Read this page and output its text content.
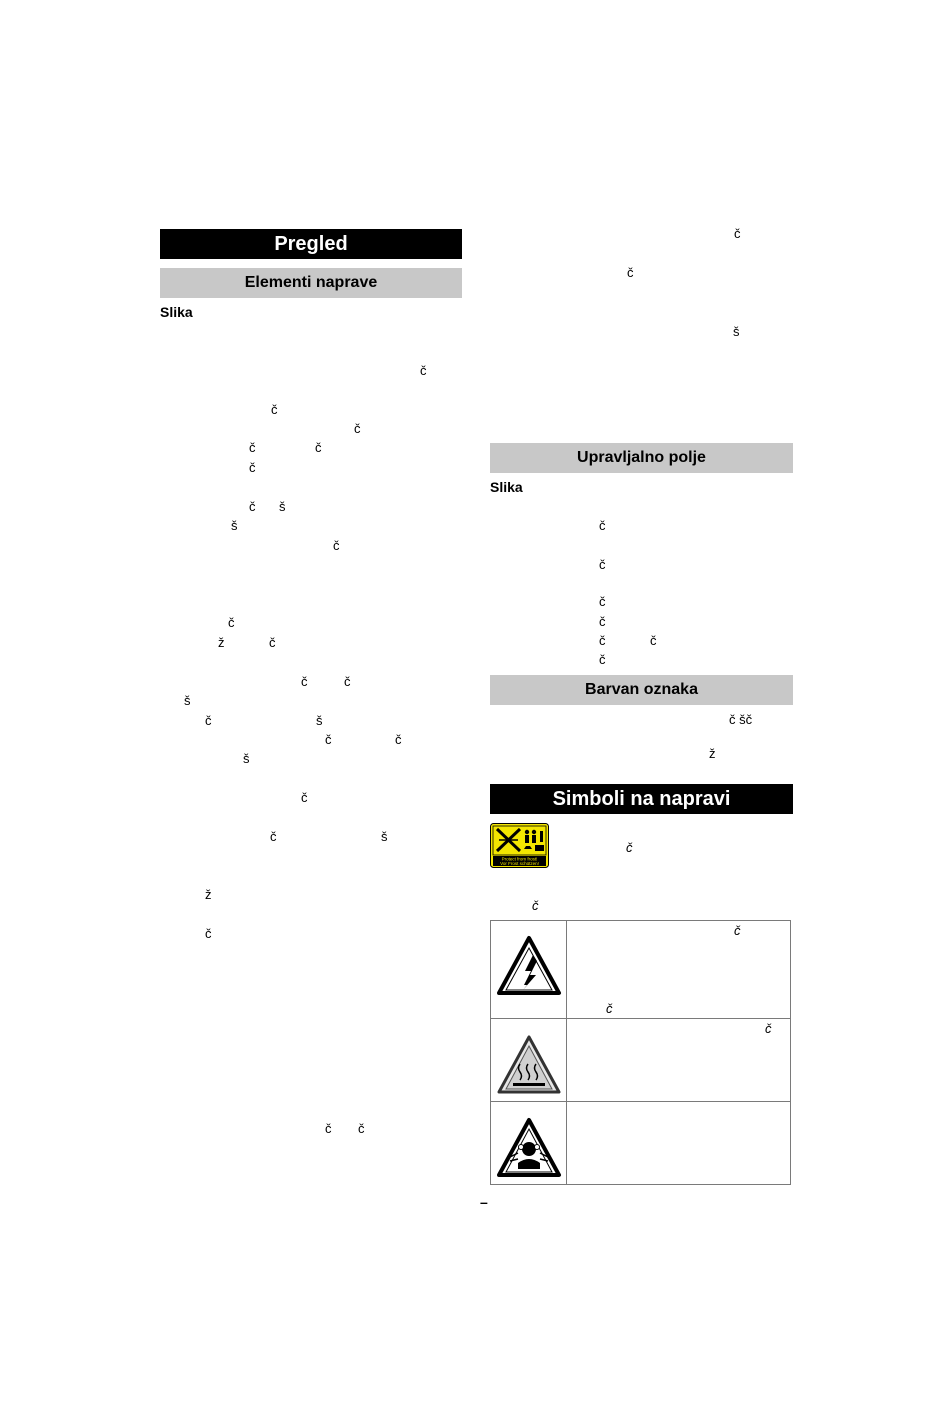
Pregled
Elementi naprave
Slika
č
č
č
č	č
č
č š
š
č
č
ž	č
č	č
š
č	š
č	č
š
č
č	š
ž
č
č č
č
č
š
Upravljalno polje
Slika
č
č
č
č
č	č
č
Barvan oznaka
č šč
ž
Simboli na napravi
Protect from frost!
Vor Frost schützen!
č
č
č
č
č
–
